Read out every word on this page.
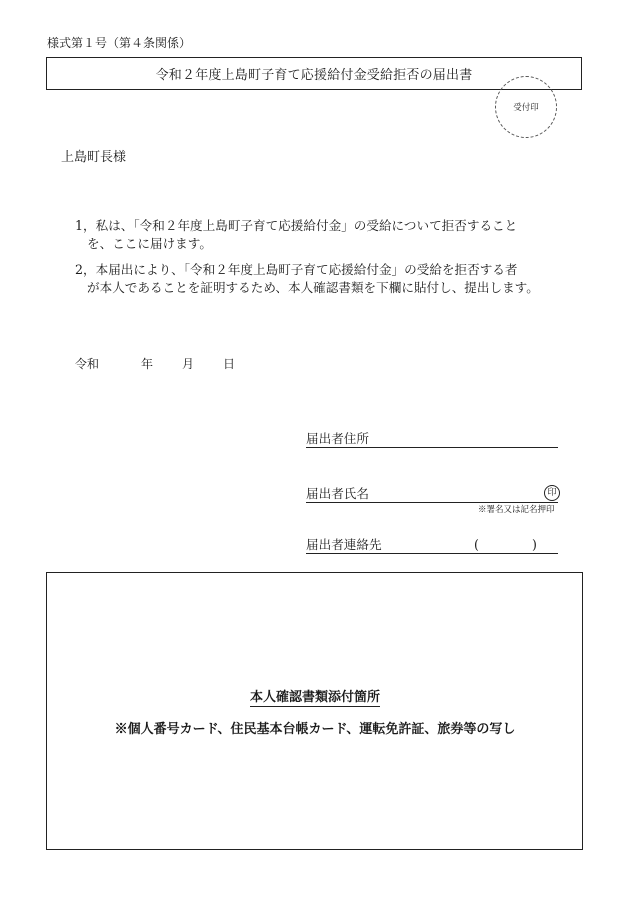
様式第１号（第４条関係）
令和２年度上島町子育て応援給付金受給拒否の届出書
受付印
上島町長様
1，私は、「令和２年度上島町子育て応援給付金」の受給について拒否すること
を、ここに届けます。
2，本届出により、「令和２年度上島町子育て応援給付金」の受給を拒否する者
が本人であることを証明するため、本人確認書類を下欄に貼付し、提出します。
令和	年 月 日
届出者住所
届出者氏名	印
※署名又は記名押印
届出者連絡先	(	)
本人確認書類添付箇所
※個人番号カード、住民基本台帳カード、運転免許証、旅券等の写し
